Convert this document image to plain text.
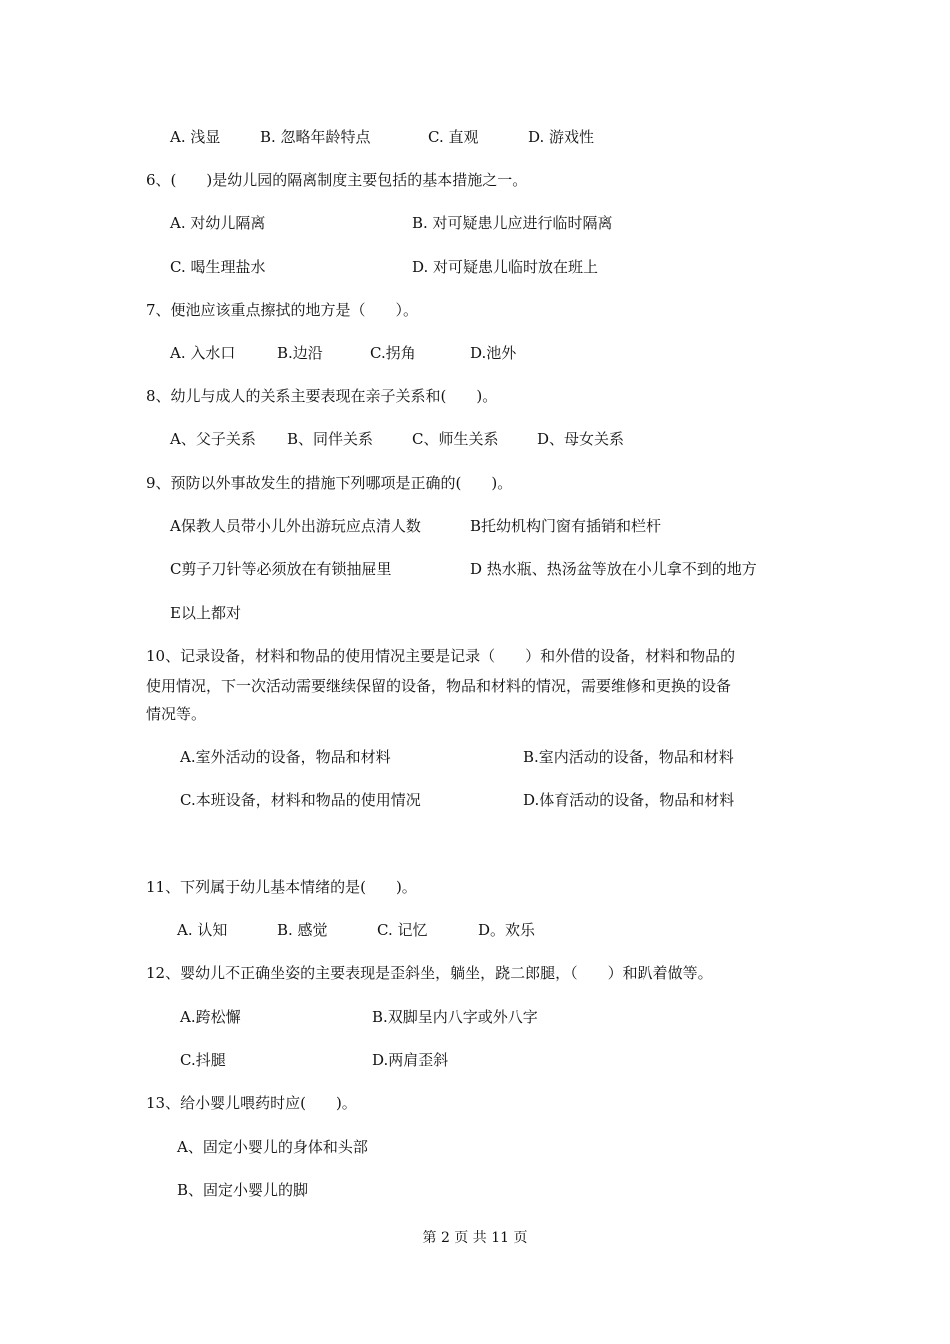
A. 浅显	B. 忽略年龄特点	C. 直观	D. 游戏性
6、(　　)是幼儿园的隔离制度主要包括的基本措施之一。
A. 对幼儿隔离	B. 对可疑患儿应进行临时隔离
C. 喝生理盐水	D. 对可疑患儿临时放在班上
7、便池应该重点擦拭的地方是（　　）。
A. 入水口	B.边沿	C.拐角	D.池外
8、幼儿与成人的关系主要表现在亲子关系和(　　)。
A、父子关系 B、同伴关系	C、师生关系	D、母女关系
9、预防以外事故发生的措施下列哪项是正确的(　　)。
A保教人员带小儿外出游玩应点清人数	B托幼机构门窗有插销和栏杆
C剪子刀针等必须放在有锁抽屉里	D 热水瓶、热汤盆等放在小儿拿不到的地方
E以上都对
10、记录设备，材料和物品的使用情况主要是记录（　　）和外借的设备，材料和物品的
使用情况，下一次活动需要继续保留的设备，物品和材料的情况，需要维修和更换的设备
情况等。
A.室外活动的设备，物品和材料	B.室内活动的设备，物品和材料
C.本班设备，材料和物品的使用情况	D.体育活动的设备，物品和材料
11、下列属于幼儿基本情绪的是(　　)。
A. 认知	B. 感觉	C. 记忆	D。欢乐
12、婴幼儿不正确坐姿的主要表现是歪斜坐，躺坐，跷二郎腿，（　　）和趴着做等。
A.跨松懈	B.双脚呈内八字或外八字
C.抖腿	D.两肩歪斜
13、给小婴儿喂药时应(　　)。
A、固定小婴儿的身体和头部
B、固定小婴儿的脚
第 2 页 共 11 页
